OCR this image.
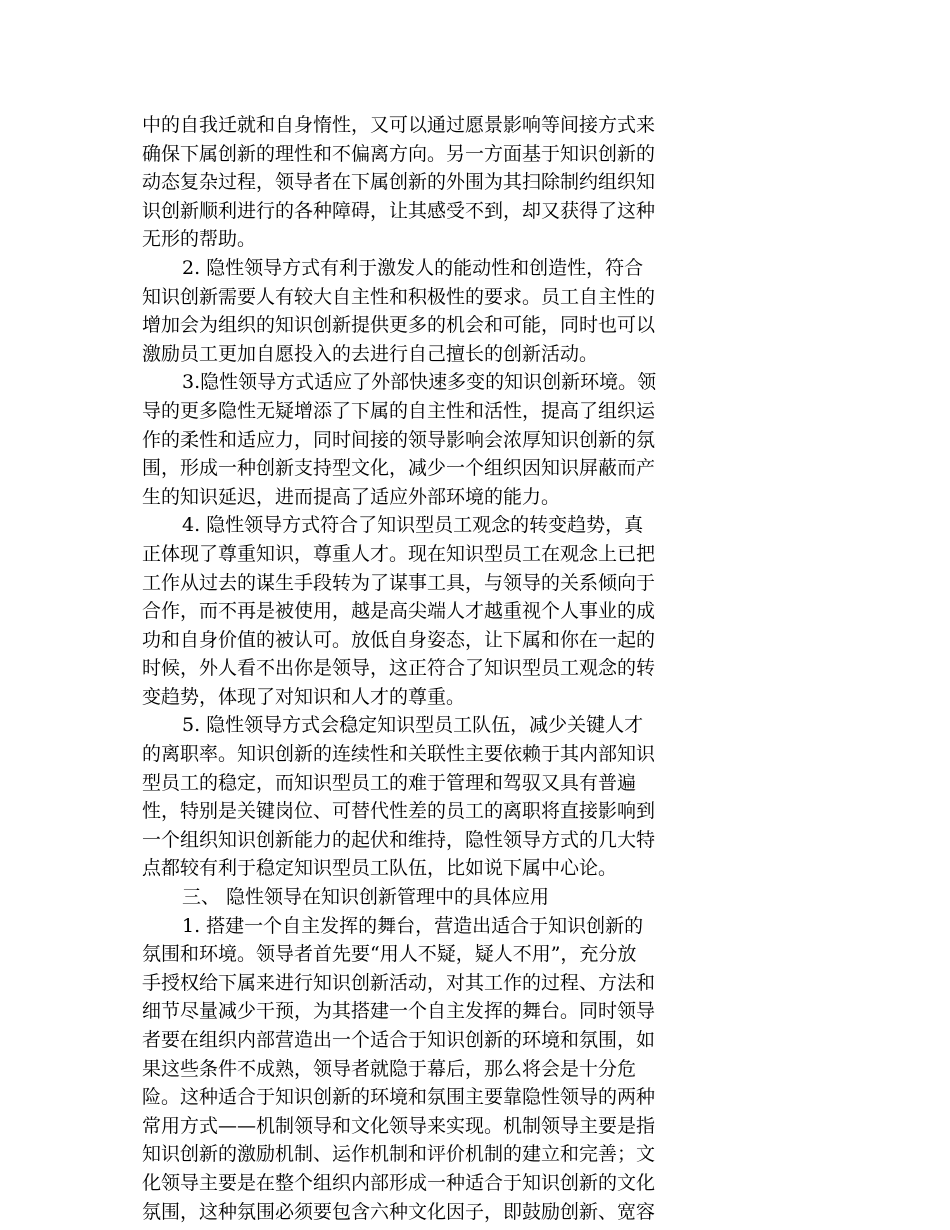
中的自我迁就和自身惰性，又可以通过愿景影响等间接方式来
确保下属创新的理性和不偏离方向。另一方面基于知识创新的
动态复杂过程，领导者在下属创新的外围为其扫除制约组织知
识创新顺利进行的各种障碍，让其感受不到，却又获得了这种
无形的帮助。
2. 隐性领导方式有利于激发人的能动性和创造性，符合
知识创新需要人有较大自主性和积极性的要求。员工自主性的
增加会为组织的知识创新提供更多的机会和可能，同时也可以
激励员工更加自愿投入的去进行自己擅长的创新活动。
3.隐性领导方式适应了外部快速多变的知识创新环境。领
导的更多隐性无疑增添了下属的自主性和活性，提高了组织运
作的柔性和适应力，同时间接的领导影响会浓厚知识创新的氛
围，形成一种创新支持型文化，减少一个组织因知识屏蔽而产
生的知识延迟，进而提高了适应外部环境的能力。
4. 隐性领导方式符合了知识型员工观念的转变趋势，真
正体现了尊重知识，尊重人才。现在知识型员工在观念上已把
工作从过去的谋生手段转为了谋事工具，与领导的关系倾向于
合作，而不再是被使用，越是高尖端人才越重视个人事业的成
功和自身价值的被认可。放低自身姿态，让下属和你在一起的
时候，外人看不出你是领导，这正符合了知识型员工观念的转
变趋势，体现了对知识和人才的尊重。
5. 隐性领导方式会稳定知识型员工队伍，减少关键人才
的离职率。知识创新的连续性和关联性主要依赖于其内部知识
型员工的稳定，而知识型员工的难于管理和驾驭又具有普遍
性，特别是关键岗位、可替代性差的员工的离职将直接影响到
一个组织知识创新能力的起伏和维持，隐性领导方式的几大特
点都较有利于稳定知识型员工队伍，比如说下属中心论。
三、 隐性领导在知识创新管理中的具体应用
1. 搭建一个自主发挥的舞台，营造出适合于知识创新的
氛围和环境。领导者首先要“用人不疑，疑人不用”，充分放
手授权给下属来进行知识创新活动，对其工作的过程、方法和
细节尽量减少干预，为其搭建一个自主发挥的舞台。同时领导
者要在组织内部营造出一个适合于知识创新的环境和氛围，如
果这些条件不成熟，领导者就隐于幕后，那么将会是十分危
险。这种适合于知识创新的环境和氛围主要靠隐性领导的两种
常用方式——机制领导和文化领导来实现。机制领导主要是指
知识创新的激励机制、运作机制和评价机制的建立和完善；文
化领导主要是在整个组织内部形成一种适合于知识创新的文化
氛围，这种氛围必须要包含六种文化因子，即鼓励创新、宽容
